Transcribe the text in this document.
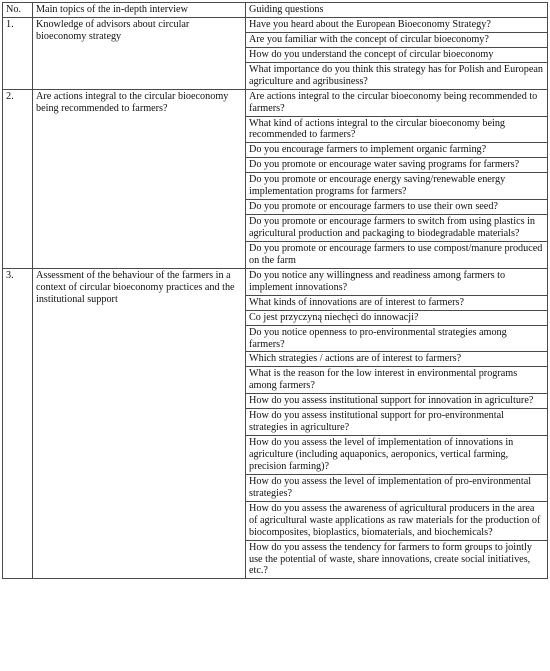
No.	Main topics of the in-depth interview	Guiding questions
1.	Knowledge of advisors about circular bioeconomy strategy	Have you heard about the European Bioeconomy Strategy?
		Are you familiar with the concept of circular bioeconomy?
		How do you understand the concept of circular bioeconomy
		What importance do you think this strategy has for Polish and European agriculture and agribusiness?
2.	Are actions integral to the circular bioeconomy being recommended to farmers?	Are actions integral to the circular bioeconomy being recommended to farmers?
		What kind of actions integral to the circular bioeconomy being recommended to farmers?
		Do you encourage farmers to implement organic farming?
		Do you promote or encourage water saving programs for farmers?
		Do you promote or encourage energy saving/renewable energy implementation programs for farmers?
		Do you promote or encourage farmers to use their own seed?
		Do you promote or encourage farmers to switch from using plastics in agricultural production and packaging to biodegradable materials?
		Do you promote or encourage farmers to use compost/manure produced on the farm
3.	Assessment of the behaviour of the farmers in a context of circular bioeconomy practices and the institutional support	Do you notice any willingness and readiness among farmers to implement innovations?
		What kinds of innovations are of interest to farmers?
		Co jest przyczyną niechęci do innowacji?
		Do you notice openness to pro-environmental strategies among farmers?
		Which strategies / actions are of interest to farmers?
		What is the reason for the low interest in environmental programs among farmers?
		How do you assess institutional support for innovation in agriculture?
		How do you assess institutional support for pro-environmental strategies in agriculture?
		How do you assess the level of implementation of innovations in agriculture (including aquaponics, aeroponics, vertical farming, precision farming)?
		How do you assess the level of implementation of pro-environmental strategies?
		How do you assess the awareness of agricultural producers in the area of agricultural waste applications as raw materials for the production of biocomposites, bioplastics, biomaterials, and biochemicals?
		How do you assess the tendency for farmers to form groups to jointly use the potential of waste, share innovations, create social initiatives, etc.?
